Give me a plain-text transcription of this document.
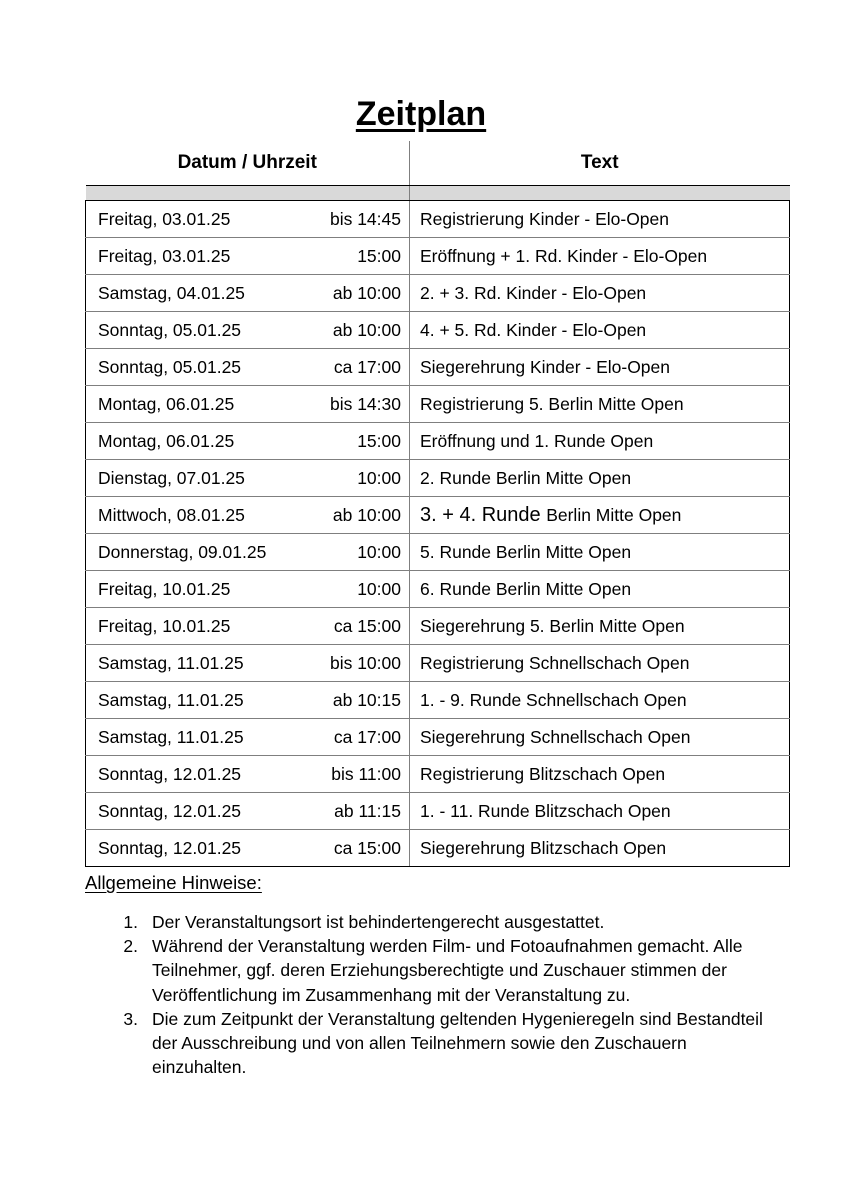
Zeitplan
Datum / Uhrzeit	Text

Freitag, 03.01.25 bis 14:45	Registrierung Kinder - Elo-Open

Freitag, 03.01.25 15:00	Eröffnung + 1. Rd. Kinder - Elo-Open

Samstag, 04.01.25 ab 10:00	2. + 3. Rd. Kinder - Elo-Open

Sonntag, 05.01.25 ab 10:00	4. + 5. Rd. Kinder - Elo-Open

Sonntag, 05.01.25 ca 17:00	Siegerehrung Kinder - Elo-Open

Montag, 06.01.25 bis 14:30	Registrierung 5. Berlin Mitte Open

Montag, 06.01.25 15:00	Eröffnung und 1. Runde Open

Dienstag, 07.01.25 10:00	2. Runde Berlin Mitte Open

Mittwoch, 08.01.25 ab 10:00	3. + 4. Runde Berlin Mitte Open

Donnerstag, 09.01.25 10:00	5. Runde Berlin Mitte Open

Freitag, 10.01.25 10:00	6. Runde Berlin Mitte Open

Freitag, 10.01.25 ca 15:00	Siegerehrung 5. Berlin Mitte Open

Samstag, 11.01.25 bis 10:00	Registrierung Schnellschach Open

Samstag, 11.01.25 ab 10:15	1. - 9. Runde Schnellschach Open

Samstag, 11.01.25 ca 17:00	Siegerehrung Schnellschach Open

Sonntag, 12.01.25 bis 11:00	Registrierung Blitzschach Open

Sonntag, 12.01.25 ab 11:15	1. - 11. Runde Blitzschach Open

Sonntag, 12.01.25 ca 15:00	Siegerehrung Blitzschach Open
Allgemeine Hinweise:
1. Der Veranstaltungsort ist behindertengerecht ausgestattet.
2. Während der Veranstaltung werden Film- und Fotoaufnahmen gemacht. Alle Teilnehmer, ggf. deren Erziehungsberechtigte und Zuschauer stimmen der Veröffentlichung im Zusammenhang mit der Veranstaltung zu.
3. Die zum Zeitpunkt der Veranstaltung geltenden Hygenieregeln sind Bestandteil der Ausschreibung und von allen Teilnehmern sowie den Zuschauern einzuhalten.
